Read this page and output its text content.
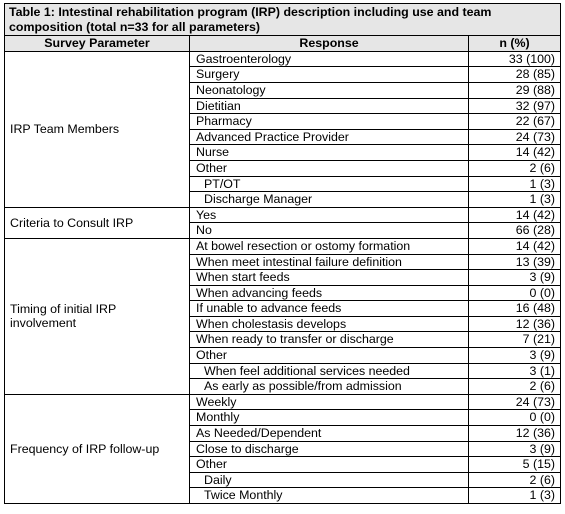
Table 1: Intestinal rehabilitation program (IRP) description including use and team composition (total n=33 for all parameters)		
Survey Parameter	Response	n (%)
IRP Team Members	Gastroenterology	33 (100)
	Surgery	28 (85)
	Neonatology	29 (88)
	Dietitian	32 (97)
	Pharmacy	22 (67)
	Advanced Practice Provider	24 (73)
	Nurse	14 (42)
	Other	2 (6)
	PT/OT	1 (3)
	Discharge Manager	1 (3)
Criteria to Consult IRP	Yes	14 (42)
	No	66 (28)
Timing of initial IRP involvement	At bowel resection or ostomy formation	14 (42)
	When meet intestinal failure definition	13 (39)
	When start feeds	3 (9)
	When advancing feeds	0 (0)
	If unable to advance feeds	16 (48)
	When cholestasis develops	12 (36)
	When ready to transfer or discharge	7 (21)
	Other	3 (9)
	When feel additional services needed	3 (1)
	As early as possible/from admission	2 (6)
Frequency of IRP follow-up	Weekly	24 (73)
	Monthly	0 (0)
	As Needed/Dependent	12 (36)
	Close to discharge	3 (9)
	Other	5 (15)
	Daily	2 (6)
	Twice Monthly	1 (3)
